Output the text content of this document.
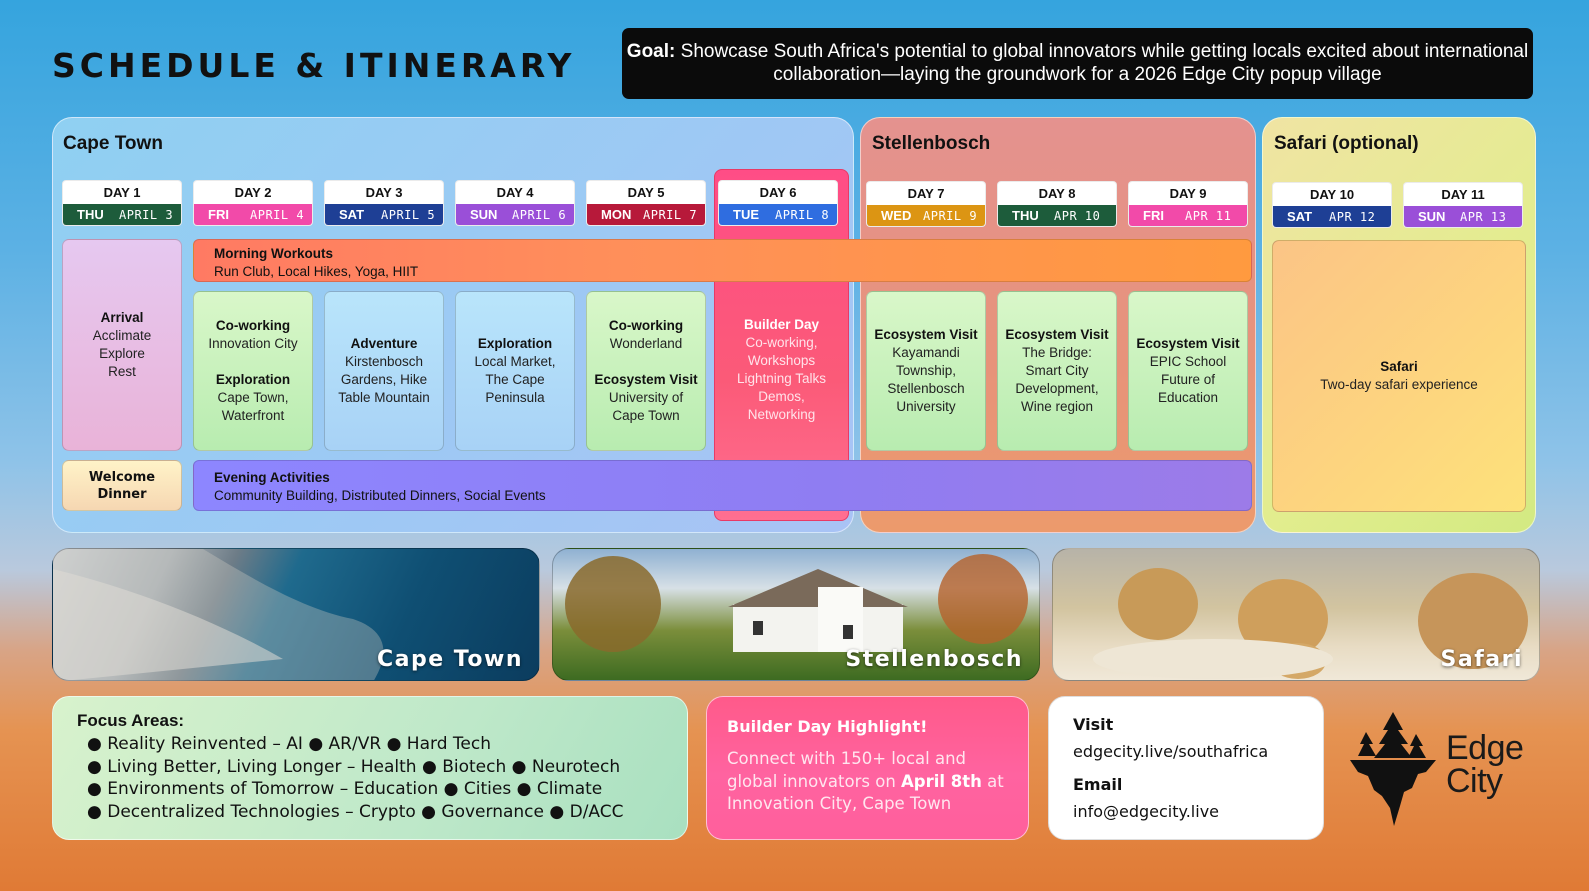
SCHEDULE & ITINERARY	Goal: Showcase South Africa's potential to global innovators while getting locals excited about international collaboration—laying the groundwork for a 2026 Edge City popup village
Cape Town	Stellenbosch	Safari (optional)
DAY 1
THU	APRIL 3
DAY 2
FRI	APRIL 4
DAY 3
SAT	APRIL 5
DAY 4
SUN	APRIL 6
DAY 5
MON APRIL 7
DAY 6
TUE	APRIL 8
DAY 7
WED APRIL 9
DAY 8
THU	APR 10
DAY 9
FRI	APR 11
DAY 10
SAT	APR 12
DAY 11
SUN	APR 13
Arrival
Acclimate
Explore
Rest
Welcome
Dinner
Morning Workouts
Run Club, Local Hikes, Yoga, HIIT
Co-working
Innovation City
Exploration
Cape Town,
Waterfront
Adventure
Kirstenbosch
Gardens, Hike
Table Mountain
Exploration
Local Market,
The Cape
Peninsula
Co-working
Wonderland
Ecosystem Visit
University of
Cape Town
Builder Day
Co-working,
Workshops
Lightning Talks
Demos,
Networking
Ecosystem Visit
Kayamandi
Township,
Stellenbosch
University
Ecosystem Visit
The Bridge:
Smart City
Development,
Wine region
Ecosystem Visit
EPIC School
Future of
Education
Safari
Two-day safari experience
Evening Activities
Community Building, Distributed Dinners, Social Events
Cape Town	Stellenbosch	Safari
Focus Areas:
● Reality Reinvented – AI ● AR/VR ● Hard Tech
● Living Better, Living Longer – Health ● Biotech ● Neurotech
● Environments of Tomorrow – Education ● Cities ● Climate
● Decentralized Technologies – Crypto ● Governance ● D/ACC
Builder Day Highlight!

Connect with 150+ local and global innovators on April 8th at Innovation City, Cape Town

Visit
edgecity.live/southafrica
Email
info@edgecity.live
Edge
City
